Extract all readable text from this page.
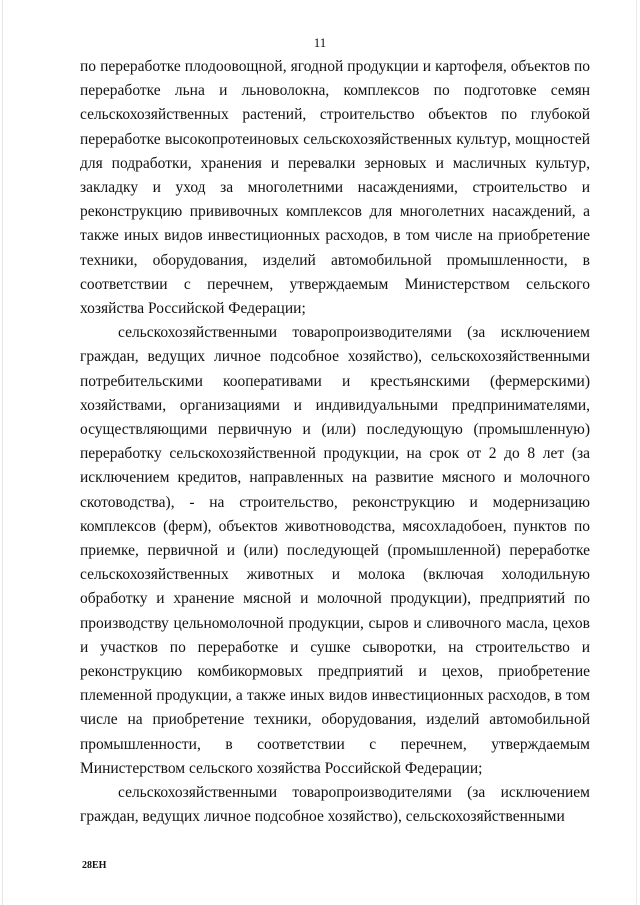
11

по переработке плодоовощной, ягодной продукции и картофеля, объектов по переработке льна и льноволокна, комплексов по подготовке семян сельскохозяйственных растений, строительство объектов по глубокой переработке высокопротеиновых сельскохозяйственных культур, мощностей для подработки, хранения и перевалки зерновых и масличных культур, закладку и уход за многолетними насаждениями, строительство и реконструкцию прививочных комплексов для многолетних насаждений, а также иных видов инвестиционных расходов, в том числе на приобретение техники, оборудования, изделий автомобильной промышленности, в соответствии с перечнем, утверждаемым Министерством сельского хозяйства Российской Федерации;

сельскохозяйственными товаропроизводителями (за исключением граждан, ведущих личное подсобное хозяйство), сельскохозяйственными потребительскими кооперативами и крестьянскими (фермерскими) хозяйствами, организациями и индивидуальными предпринимателями, осуществляющими первичную и (или) последующую (промышленную) переработку сельскохозяйственной продукции, на срок от 2 до 8 лет (за исключением кредитов, направленных на развитие мясного и молочного скотоводства), - на строительство, реконструкцию и модернизацию комплексов (ферм), объектов животноводства, мясохладобоен, пунктов по приемке, первичной и (или) последующей (промышленной) переработке сельскохозяйственных животных и молока (включая холодильную обработку и хранение мясной и молочной продукции), предприятий по производству цельномолочной продукции, сыров и сливочного масла, цехов и участков по переработке и сушке сыворотки, на строительство и реконструкцию комбикормовых предприятий и цехов, приобретение племенной продукции, а также иных видов инвестиционных расходов, в том числе на приобретение техники, оборудования, изделий автомобильной промышленности, в соответствии с перечнем, утверждаемым Министерством сельского хозяйства Российской Федерации;

сельскохозяйственными товаропроизводителями (за исключением граждан, ведущих личное подсобное хозяйство), сельскохозяйственными

28ЕН
